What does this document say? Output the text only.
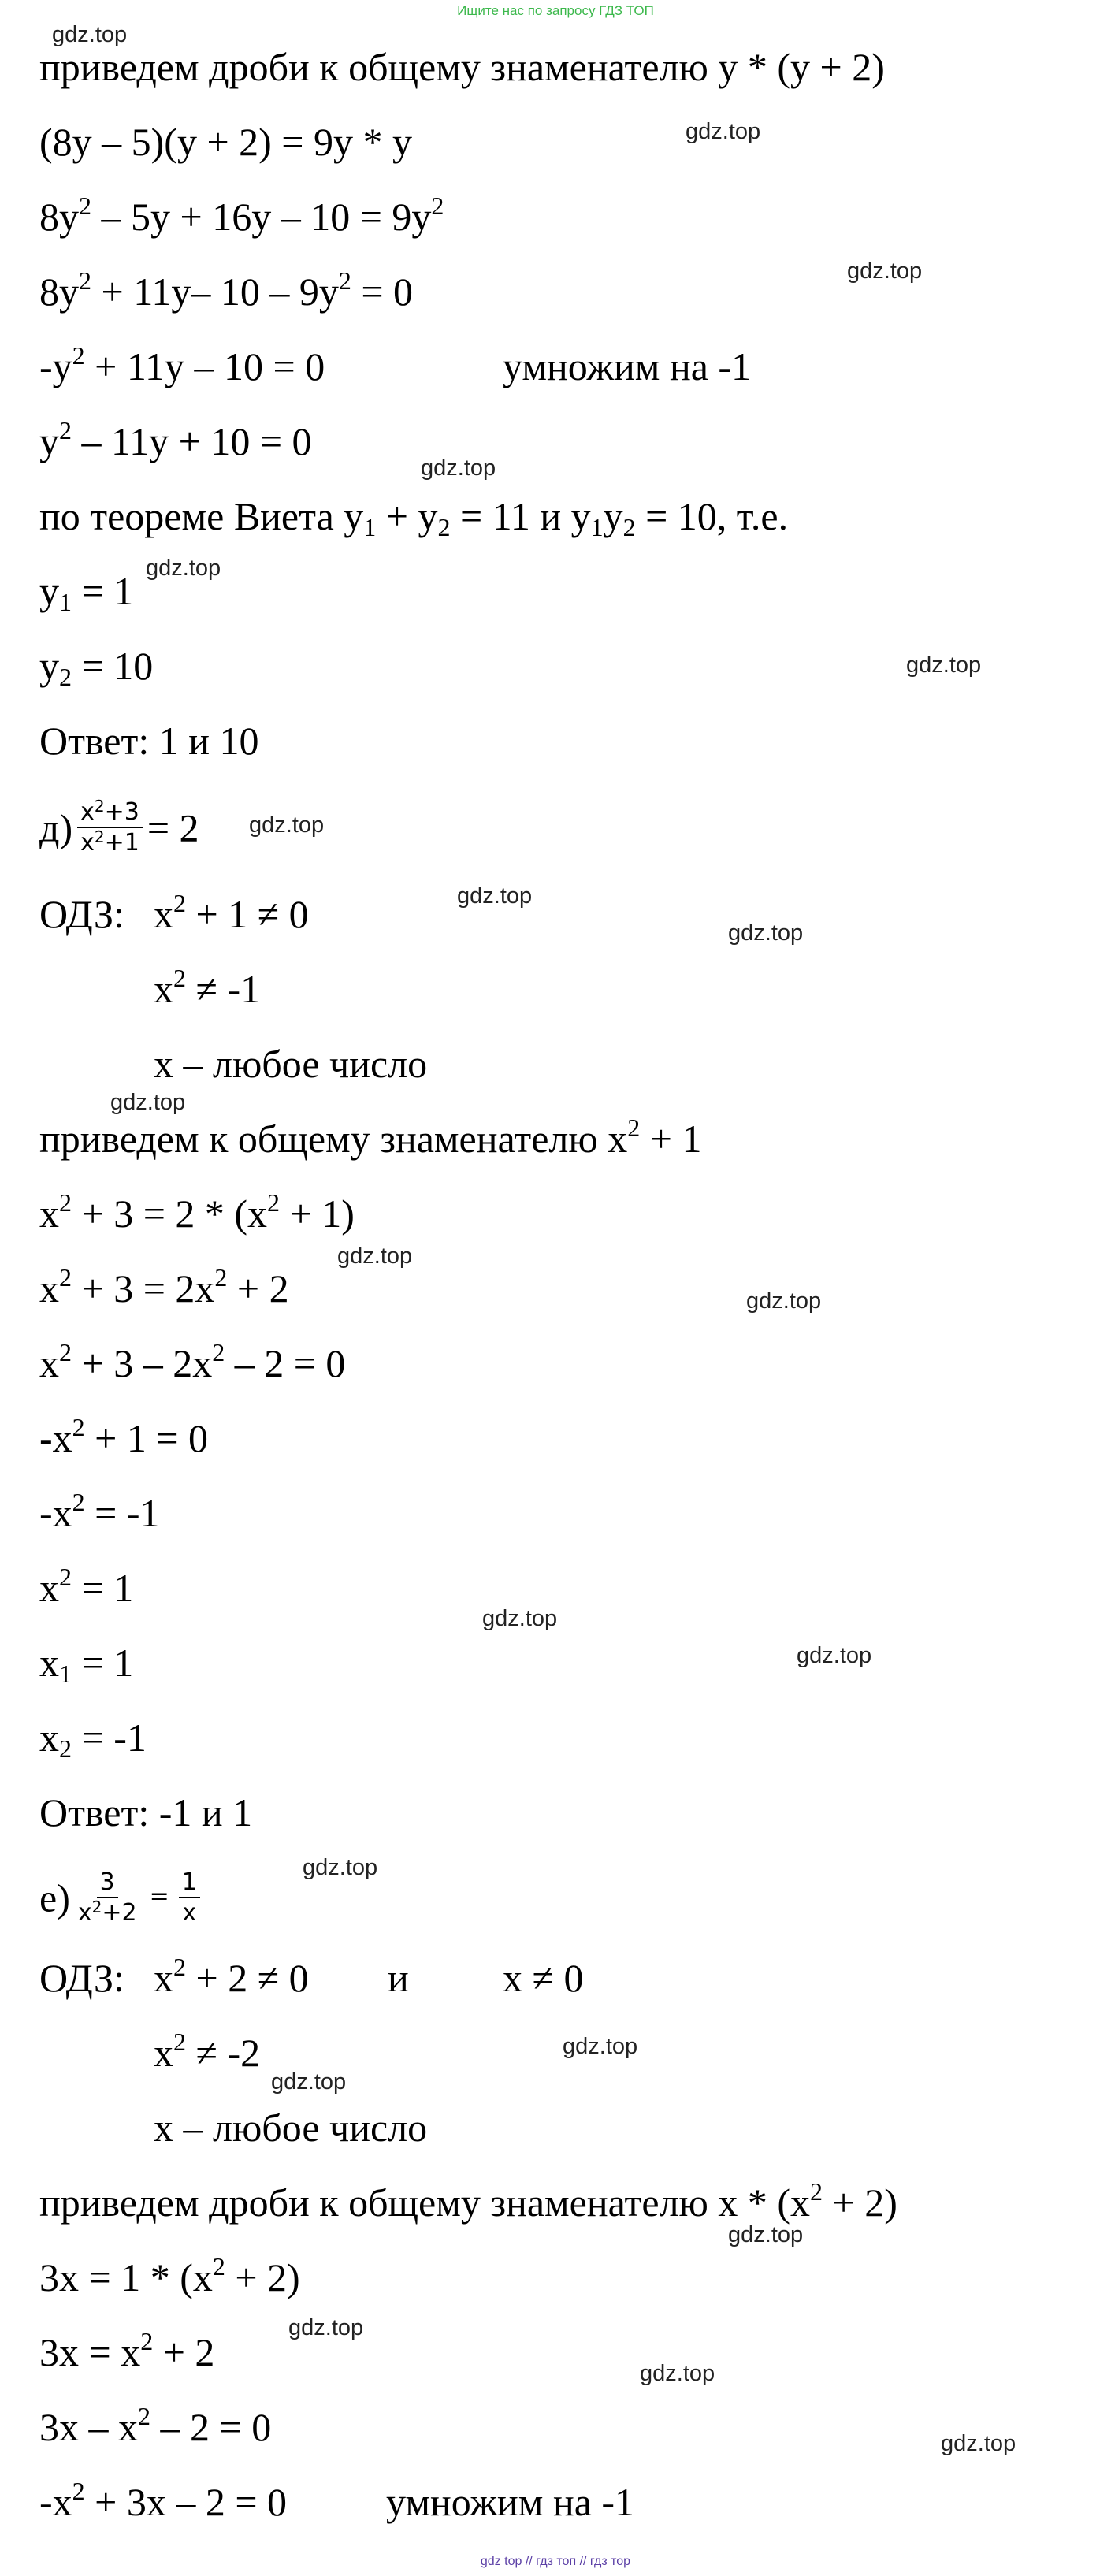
Ищите нас по запросу ГДЗ ТОП
gdz.top
gdz.top
gdz.top
gdz.top
gdz.top
gdz.top
gdz.top
gdz.top
gdz.top
gdz.top
gdz.top
gdz.top
gdz.top
gdz.top
gdz.top
gdz.top
gdz.top
gdz.top
gdz.top
gdz.top
gdz.top
приведем дроби к общему знаменателю y * (y + 2)
(8y – 5)(y + 2) = 9y * y
$8y^2 - 5y + 16y - 10 = 9y^2$
$8y^2 + 11y-$ $10 - 9y^2 = 0$
$-y^2 + 11y - 10 = 0$	умножим на -1
$y^2 - 11y + 10 = 0$
по теореме Виета $y_1 + y_2 = 11$ и $y_1y_2 = 10$, т.е.
$y_1 = 1$
$y_2 = 10$
Ответ: 1 и 10
$д) \frac{x^2+3}{x^2+1} = 2$
ОДЗ: $x^2 + 1 \ne 0$
$x^2 \ne -1$
x – любое число
приведем к общему знаменателю $x^2 + 1$
$x^2 + 3 = 2 * (x^2 + 1)$
$x^2 + 3 = 2x^2 + 2$
$x^2 + 3 - 2x^2 - 2 = 0$
$-x^2 + 1 = 0$
$-x^2 = -1$
$x^2 = 1$
$x_1 = 1$
$x_2 = -1$
Ответ: -1 и 1
$е) \frac{3}{x^2+2} = \frac{1}{x}$
ОДЗ: $x^2 + 2 \ne 0$ и x ≠ 0
$x^2 \ne -2$
x – любое число
приведем дроби к общему знаменателю $x * (x^2 + 2)$
$3x = 1 * (x^2 + 2)$
$3x = x^2 + 2$
$3x - x^2 - 2 = 0$
$-x^2 + 3x - 2 = 0$	умножим на -1
gdz top // гдз топ // гдз тор
